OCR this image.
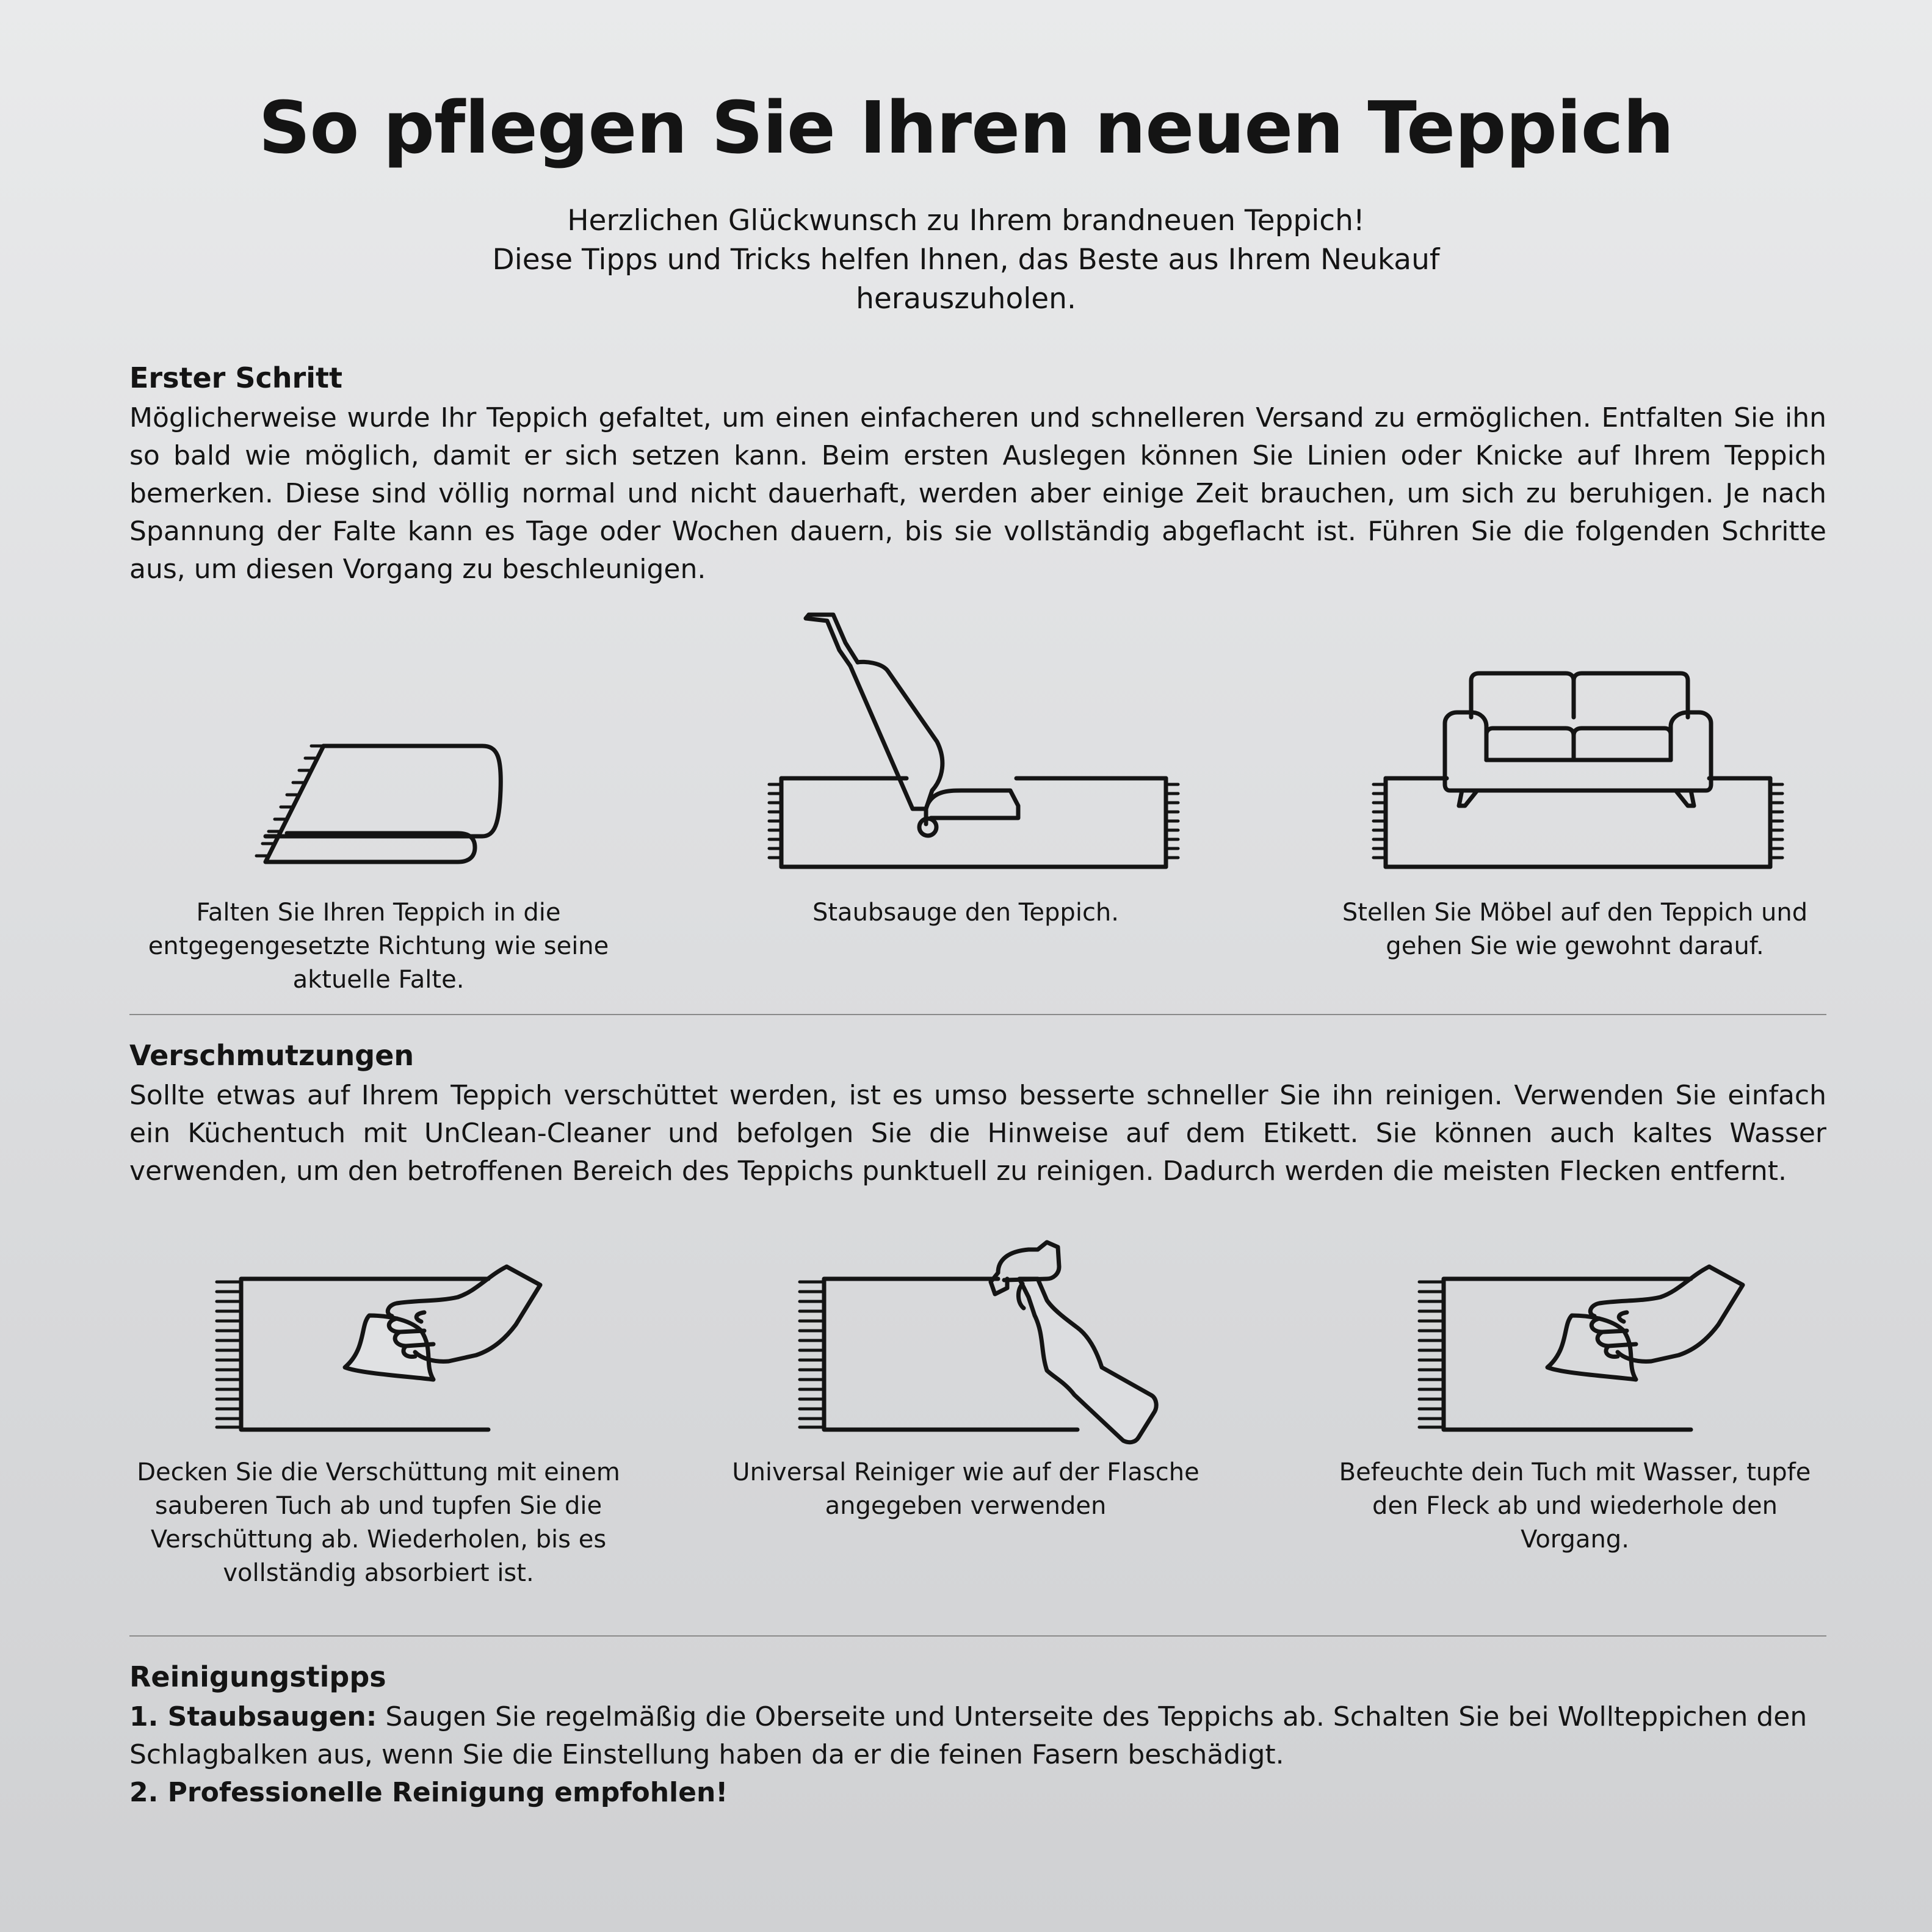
So pflegen Sie Ihren neuen Teppich
Herzlichen Glückwunsch zu Ihrem brandneuen Teppich!
Diese Tipps und Tricks helfen Ihnen, das Beste aus Ihrem Neukauf
herauszuholen.
Erster Schritt

Möglicherweise wurde Ihr Teppich gefaltet, um einen einfacheren und schnelleren Versand zu ermöglichen. Entfalten Sie ihn so bald wie möglich, damit er sich setzen kann. Beim ersten Auslegen können Sie Linien oder Knicke auf Ihrem Teppich bemerken. Diese sind völlig normal und nicht dauerhaft, werden aber einige Zeit brauchen, um sich zu beruhigen. Je nach Spannung der Falte kann es Tage oder Wochen dauern, bis sie vollständig abgeflacht ist. Führen Sie die folgenden Schritte aus, um diesen Vorgang zu beschleunigen.

Falten Sie Ihren Teppich in die entgegengesetzte Richtung wie seine aktuelle Falte.
Staubsauge den Teppich.	Stellen Sie Möbel auf den Teppich und gehen Sie wie gewohnt darauf.
Verschmutzungen

Sollte etwas auf Ihrem Teppich verschüttet werden, ist es umso besserte schneller Sie ihn reinigen. Verwenden Sie einfach ein Küchentuch mit UnClean-Cleaner und befolgen Sie die Hinweise auf dem Etikett. Sie können auch kaltes Wasser verwenden, um den betroffenen Bereich des Teppichs punktuell zu reinigen. Dadurch werden die meisten Flecken entfernt.

Decken Sie die Verschüttung mit einem sauberen Tuch ab und tupfen Sie die Verschüttung ab. Wiederholen, bis es vollständig absorbiert ist.
Universal Reiniger wie auf der Flasche angegeben verwenden
Befeuchte dein Tuch mit Wasser, tupfe den Fleck ab und wiederhole den Vorgang.
Reinigungstipps
1. Staubsaugen: Saugen Sie regelmäßig die Oberseite und Unterseite des Teppichs ab. Schalten Sie bei Wollteppichen den Schlagbalken aus, wenn Sie die Einstellung haben da er die feinen Fasern beschädigt.
2. Professionelle Reinigung empfohlen!
